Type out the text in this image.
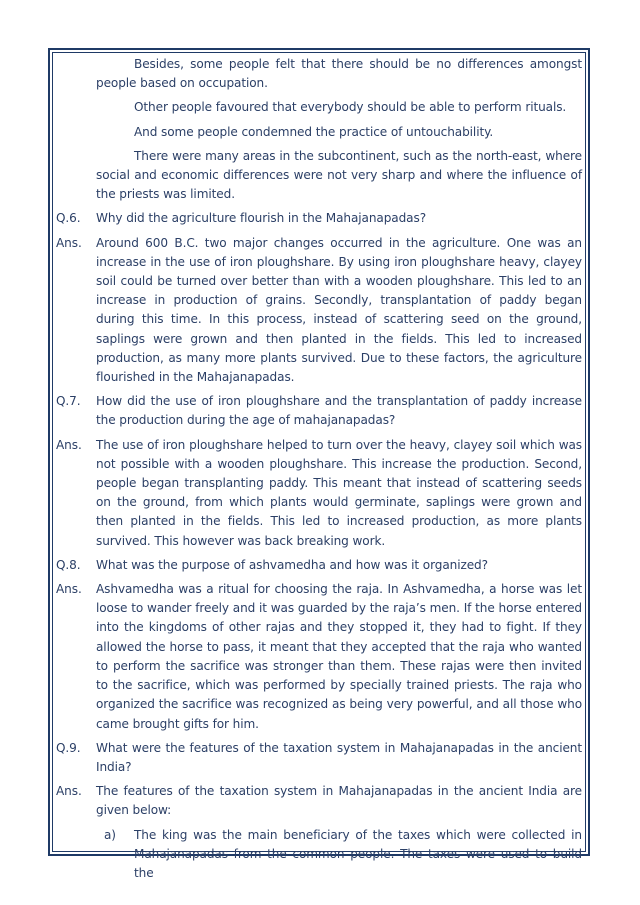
Besides, some people felt that there should be no differences amongst people based on occupation.

Other people favoured that everybody should be able to perform rituals.

And some people condemned the practice of untouchability.

There were many areas in the subcontinent, such as the north-east, where social and economic differences were not very sharp and where the influence of the priests was limited.

Q.6.	Why did the agriculture flourish in the Mahajanapadas?
Ans.	Around 600 B.C. two major changes occurred in the agriculture. One was an increase in the use of iron ploughshare. By using iron ploughshare heavy, clayey soil could be turned over better than with a wooden ploughshare. This led to an increase in production of grains. Secondly, transplantation of paddy began during this time. In this process, instead of scattering seed on the ground, saplings were grown and then planted in the fields. This led to increased production, as many more plants survived. Due to these factors, the agriculture flourished in the Mahajanapadas.
Q.7.	How did the use of iron ploughshare and the transplantation of paddy increase the production during the age of mahajanapadas?
Ans.	The use of iron ploughshare helped to turn over the heavy, clayey soil which was not possible with a wooden ploughshare. This increase the production. Second, people began transplanting paddy. This meant that instead of scattering seeds on the ground, from which plants would germinate, saplings were grown and then planted in the fields. This led to increased production, as more plants survived. This however was back breaking work.
Q.8.	What was the purpose of ashvamedha and how was it organized?
Ans.	Ashvamedha was a ritual for choosing the raja. In Ashvamedha, a horse was let loose to wander freely and it was guarded by the raja’s men. If the horse entered into the kingdoms of other rajas and they stopped it, they had to fight. If they allowed the horse to pass, it meant that they accepted that the raja who wanted to perform the sacrifice was stronger than them. These rajas were then invited to the sacrifice, which was performed by specially trained priests. The raja who organized the sacrifice was recognized as being very powerful, and all those who came brought gifts for him.
Q.9.	What were the features of the taxation system in Mahajanapadas in the ancient India?
Ans.	The features of the taxation system in Mahajanapadas in the ancient India are given below:
a)	The king was the main beneficiary of the taxes which were collected in Mahajanapadas from the common people. The taxes were used to build the
